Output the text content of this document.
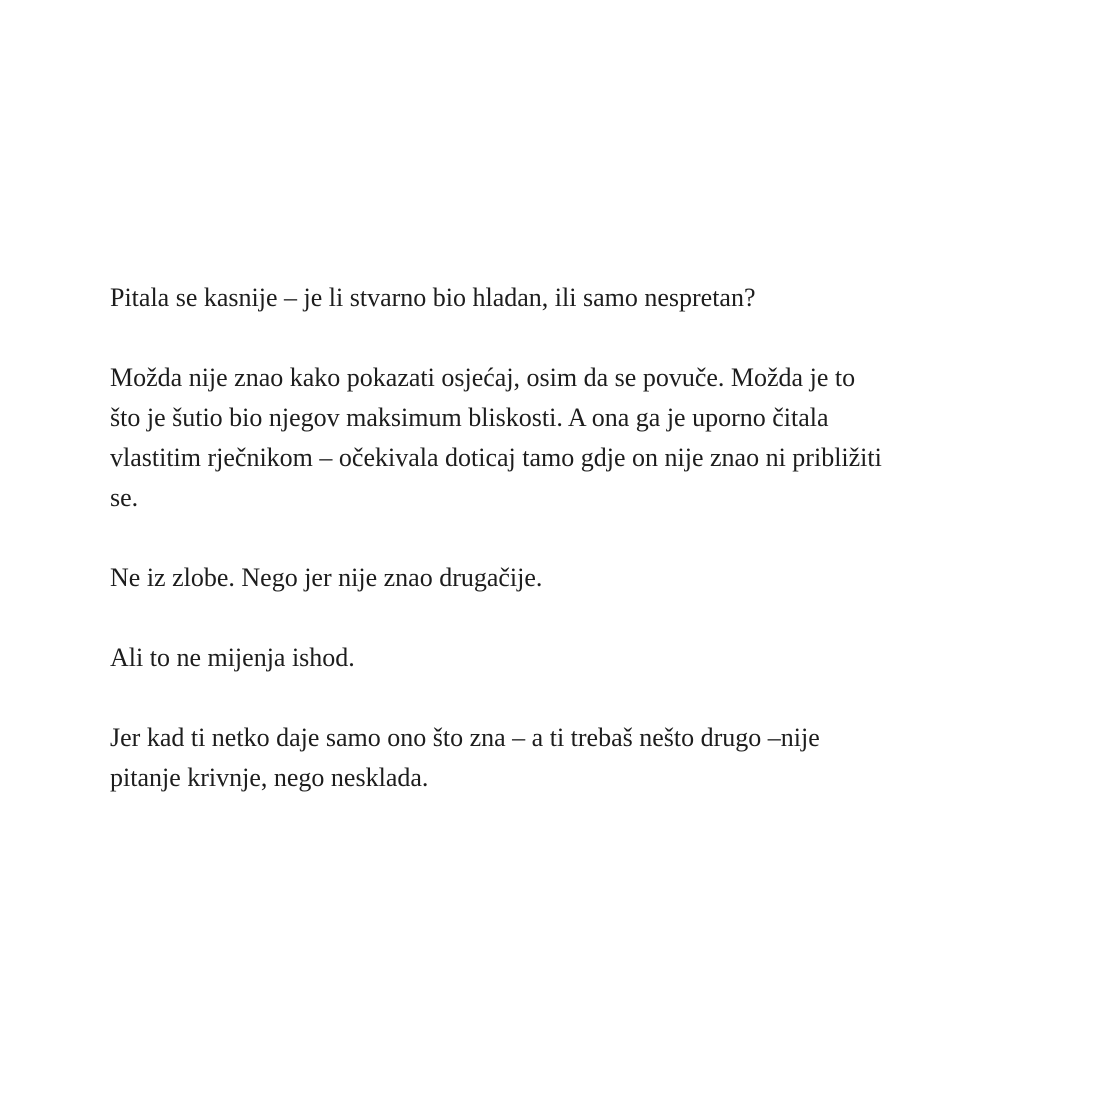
Pitala se kasnije – je li stvarno bio hladan, ili samo nespretan?

Možda nije znao kako pokazati osjećaj, osim da se povuče. Možda je to
što je šutio bio njegov maksimum bliskosti. A ona ga je uporno čitala
vlastitim rječnikom – očekivala doticaj tamo gdje on nije znao ni približiti
se.

Ne iz zlobe. Nego jer nije znao drugačije.

Ali to ne mijenja ishod.

Jer kad ti netko daje samo ono što zna – a ti trebaš nešto drugo –nije
pitanje krivnje, nego nesklada.
